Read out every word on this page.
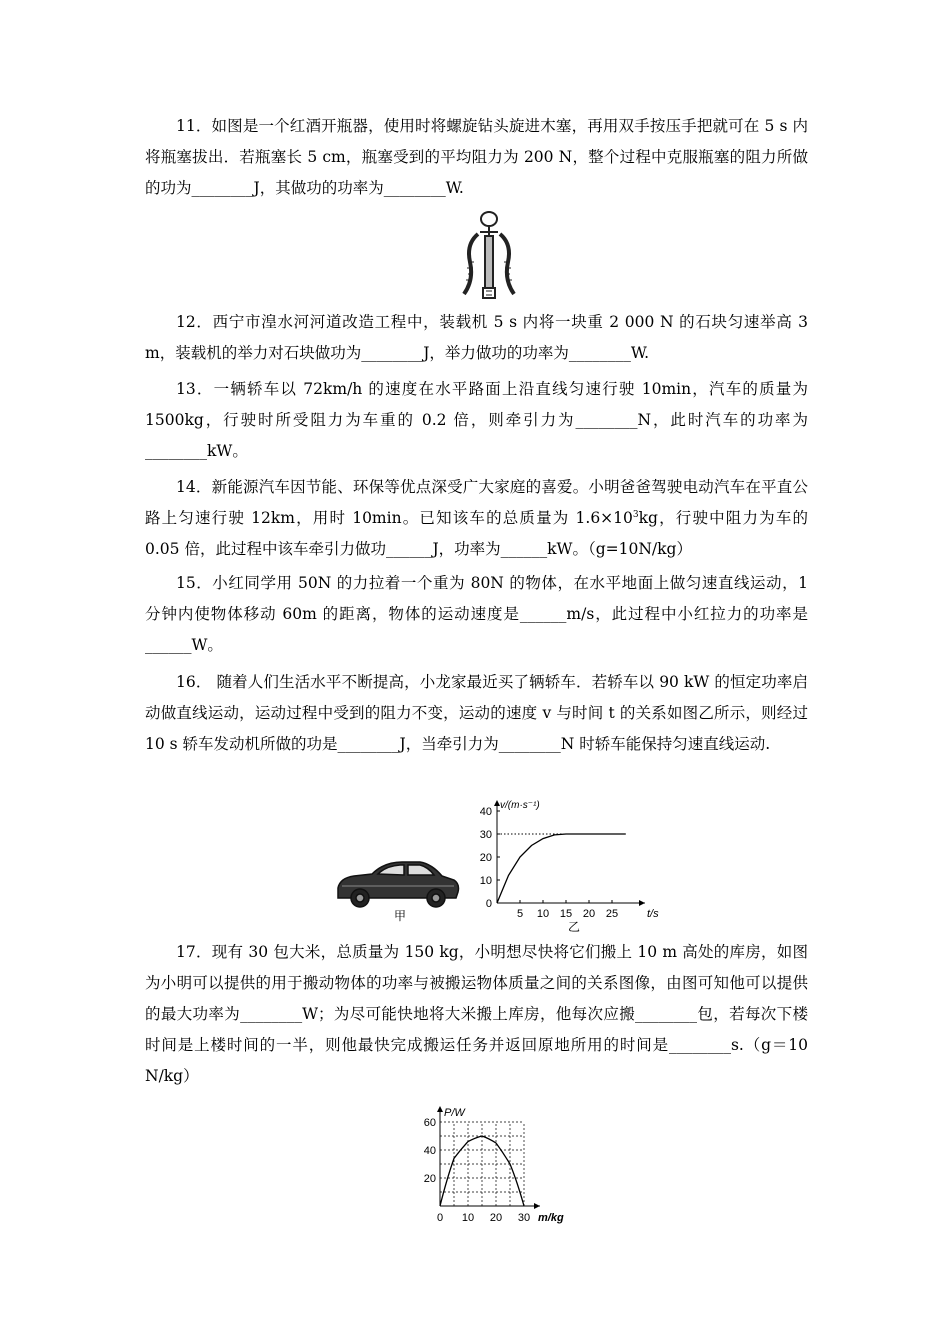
11．如图是一个红酒开瓶器，使用时将螺旋钻头旋进木塞，再用双手按压手把就可在 5 s 内将瓶塞拔出．若瓶塞长 5 cm，瓶塞受到的平均阻力为 200 N，整个过程中克服瓶塞的阻力所做的功为________J，其做功的功率为________W.
12．西宁市湟水河河道改造工程中，装载机 5 s 内将一块重 2 000 N 的石块匀速举高 3 m，装载机的举力对石块做功为________J，举力做功的功率为________W.
13．一辆轿车以 72km/h 的速度在水平路面上沿直线匀速行驶 10min，汽车的质量为1500kg，行驶时所受阻力为车重的 0.2 倍，则牵引力为________N，此时汽车的功率为________kW。
14．新能源汽车因节能、环保等优点深受广大家庭的喜爱。小明爸爸驾驶电动汽车在平直公路上匀速行驶 12km，用时 10min。已知该车的总质量为 $1.6\times 10^3kg$，行驶中阻力为车的 0.05 倍，此过程中该车牵引力做功______J，功率为______kW。（g=10N/kg）
15．小红同学用 50N 的力拉着一个重为 80N 的物体，在水平地面上做匀速直线运动，1 分钟内使物体移动 60m 的距离，物体的运动速度是______m/s，此过程中小红拉力的功率是______W。
16． 随着人们生活水平不断提高，小龙家最近买了辆轿车．若轿车以 90 kW 的恒定功率启动做直线运动，运动过程中受到的阻力不变，运动的速度 v 与时间 t 的关系如图乙所示，则经过 10 s 轿车发动机所做的功是________J，当牵引力为________N 时轿车能保持匀速直线运动.
甲
乙
0
10
20
30
40
5 10 15 20 25
v/(m·s⁻¹)
t/s
17．现有 30 包大米，总质量为 150 kg，小明想尽快将它们搬上 10 m 高处的库房，如图为小明可以提供的用于搬动物体的功率与被搬运物体质量之间的关系图像，由图可知他可以提供的最大功率为________W；为尽可能快地将大米搬上库房，他每次应搬________包，若每次下楼时间是上楼时间的一半，则他最快完成搬运任务并返回原地所用的时间是________s.（g＝10 N/kg）
20
40
60
0 10 20 30
P/W
m/kg
